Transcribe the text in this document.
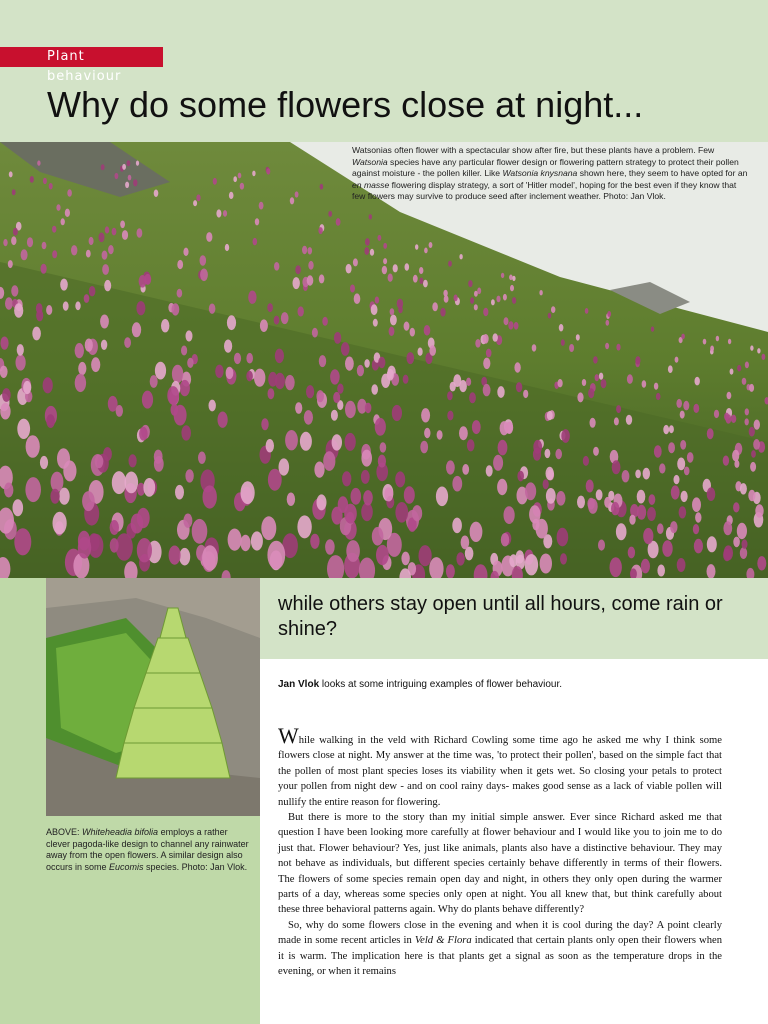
Plant behaviour
Why do some flowers close at night...
Watsonias often flower with a spectacular show after fire, but these plants have a problem. Few Watsonia species have any particular flower design or flowering pattern strategy to protect their pollen against moisture - the pollen killer. Like Watsonia knysnana shown here, they seem to have opted for an en masse flowering display strategy, a sort of 'Hitler model', hoping for the best even if they know that few flowers may survive to produce seed after inclement weather. Photo: Jan Vlok.
ABOVE: Whiteheadia bifolia employs a rather clever pagoda-like design to channel any rainwater away from the open flowers. A similar design also occurs in some Eucomis species. Photo: Jan Vlok.
while others stay open until all hours, come rain or shine?
Jan Vlok looks at some intriguing examples of flower behaviour.

While walking in the veld with Richard Cowling some time ago he asked me why I think some flowers close at night. My answer at the time was, 'to protect their pollen', based on the simple fact that the pollen of most plant species loses its viability when it gets wet. So closing your petals to protect your pollen from night dew - and on cool rainy days- makes good sense as a lack of viable pollen will nullify the entire reason for flowering.

But there is more to the story than my initial simple answer. Ever since Richard asked me that question I have been looking more carefully at flower behaviour and I would like you to join me to do just that. Flower behaviour? Yes, just like animals, plants also have a distinctive behaviour. They may not behave as individuals, but different species certainly behave differently in terms of their flowers. The flowers of some species remain open day and night, in others they only open during the warmer parts of a day, whereas some species only open at night. You all knew that, but think carefully about these three behavioral patterns again. Why do plants behave differently?

So, why do some flowers close in the evening and when it is cool during the day? A point clearly made in some recent articles in Veld & Flora indicated that certain plants only open their flowers when it is warm. The implication here is that plants get a signal as soon as the temperature drops in the evening, or when it remains
